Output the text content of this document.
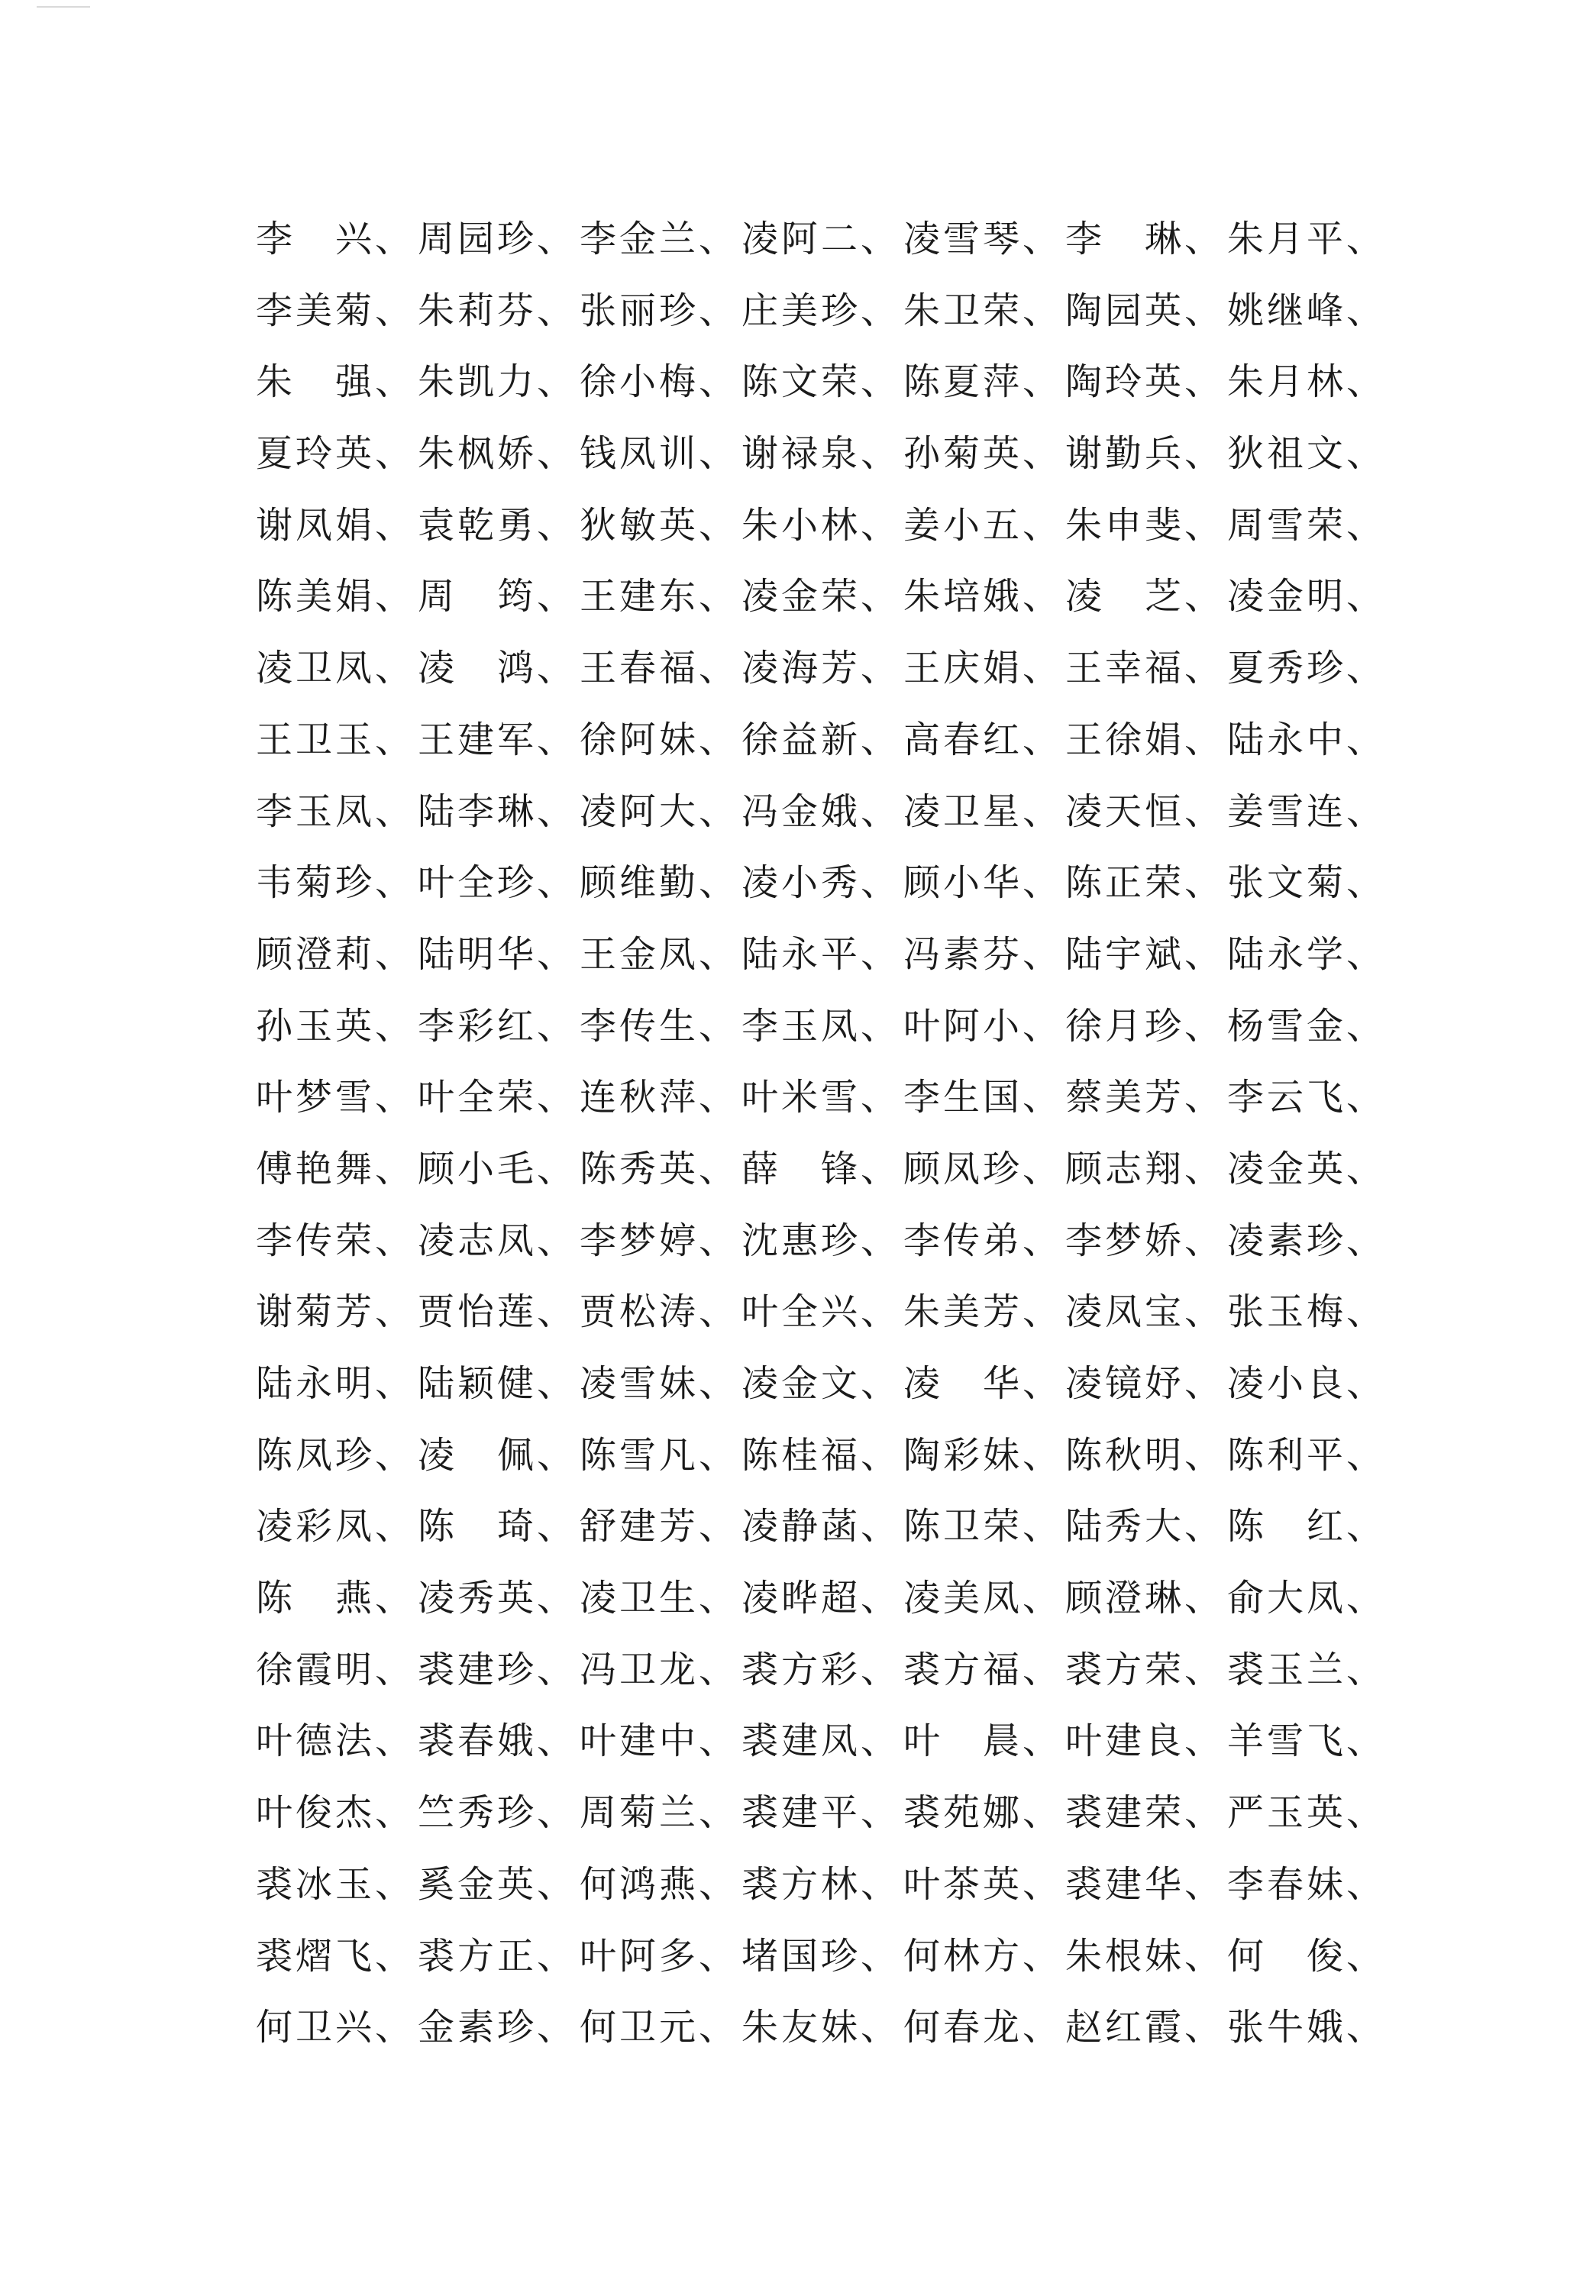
李 兴 、 周园珍 、 李金兰 、 凌阿二 、 凌雪琴 、 李 琳 、 朱月平 、
李美菊 、 朱莉芬 、 张丽珍 、 庄美珍 、 朱卫荣 、 陶园英 、 姚继峰 、
朱 强 、 朱凯力 、 徐小梅 、 陈文荣 、 陈夏萍 、 陶玲英 、 朱月林 、
夏玲英 、 朱枫娇 、 钱凤训 、 谢禄泉 、 孙菊英 、 谢勤兵 、 狄祖文 、
谢凤娟 、 袁乾勇 、 狄敏英 、 朱小林 、 姜小五 、 朱申斐 、 周雪荣 、
陈美娟 、 周 筠 、 王建东 、 凌金荣 、 朱培娥 、 凌 芝 、 凌金明 、
凌卫凤 、 凌 鸿 、 王春福 、 凌海芳 、 王庆娟 、 王幸福 、 夏秀珍 、
王卫玉 、 王建军 、 徐阿妹 、 徐益新 、 高春红 、 王徐娟 、 陆永中 、
李玉凤 、 陆李琳 、 凌阿大 、 冯金娥 、 凌卫星 、 凌天恒 、 姜雪连 、
韦菊珍 、 叶全珍 、 顾维勤 、 凌小秀 、 顾小华 、 陈正荣 、 张文菊 、
顾澄莉 、 陆明华 、 王金凤 、 陆永平 、 冯素芬 、 陆宇斌 、 陆永学 、
孙玉英 、 李彩红 、 李传生 、 李玉凤 、 叶阿小 、 徐月珍 、 杨雪金 、
叶梦雪 、 叶全荣 、 连秋萍 、 叶米雪 、 李生国 、 蔡美芳 、 李云飞 、
傅艳舞 、 顾小毛 、 陈秀英 、 薛 锋 、 顾凤珍 、 顾志翔 、 凌金英 、
李传荣 、 凌志凤 、 李梦婷 、 沈惠珍 、 李传弟 、 李梦娇 、 凌素珍 、
谢菊芳 、 贾怡莲 、 贾松涛 、 叶全兴 、 朱美芳 、 凌凤宝 、 张玉梅 、
陆永明 、 陆颖健 、 凌雪妹 、 凌金文 、 凌 华 、 凌镜妤 、 凌小良 、
陈凤珍 、 凌 佩 、 陈雪凡 、 陈桂福 、 陶彩妹 、 陈秋明 、 陈利平 、
凌彩凤 、 陈 琦 、 舒建芳 、 凌静菡 、 陈卫荣 、 陆秀大 、 陈 红 、
陈 燕 、 凌秀英 、 凌卫生 、 凌晔超 、 凌美凤 、 顾澄琳 、 俞大凤 、
徐霞明 、 裘建珍 、 冯卫龙 、 裘方彩 、 裘方福 、 裘方荣 、 裘玉兰 、
叶德法 、 裘春娥 、 叶建中 、 裘建凤 、 叶 晨 、 叶建良 、 羊雪飞 、
叶俊杰 、 竺秀珍 、 周菊兰 、 裘建平 、 裘苑娜 、 裘建荣 、 严玉英 、
裘冰玉 、 奚金英 、 何鸿燕 、 裘方林 、 叶茶英 、 裘建华 、 李春妹 、
裘熠飞 、 裘方正 、 叶阿多 、 堵国珍 、 何林方 、 朱根妹 、 何 俊 、
何卫兴 、 金素珍 、 何卫元 、 朱友妹 、 何春龙 、 赵红霞 、 张牛娥 、
